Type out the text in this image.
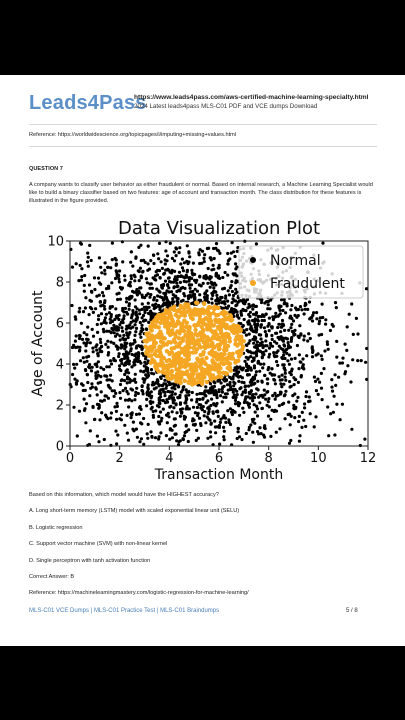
Leads4Pass
https://www.leads4pass.com/aws-certified-machine-learning-specialty.html
2024 Latest leads4pass MLS-C01 PDF and VCE dumps Download
Reference: https://worldwidescience.org/topicpages/i/imputing+missing+values.html
QUESTION 7
A company wants to classify user behavior as either fraudulent or normal. Based on internal research, a Machine Learning Specialist would like to build a binary classifier based on two features: age of account and transaction month. The class distribution for these features is illustrated in the figure provided.
Data Visualization Plot
0	2	4	6	8	10	12
0
2
4
6
8
10
Transaction Month
Age of Account
Normal
Fraudulent
Based on this information, which model would have the HIGHEST accuracy?
A. Long short-term memory (LSTM) model with scaled exponential linear unit (SELU)
B. Logistic regression
C. Support vector machine (SVM) with non-linear kernel
D. Single perceptron with tanh activation function
Correct Answer: B
Reference: https://machinelearningmastery.com/logistic-regression-for-machine-learning/
MLS-C01 VCE Dumps | MLS-C01 Practice Test | MLS-C01 Braindumps	5 / 8
